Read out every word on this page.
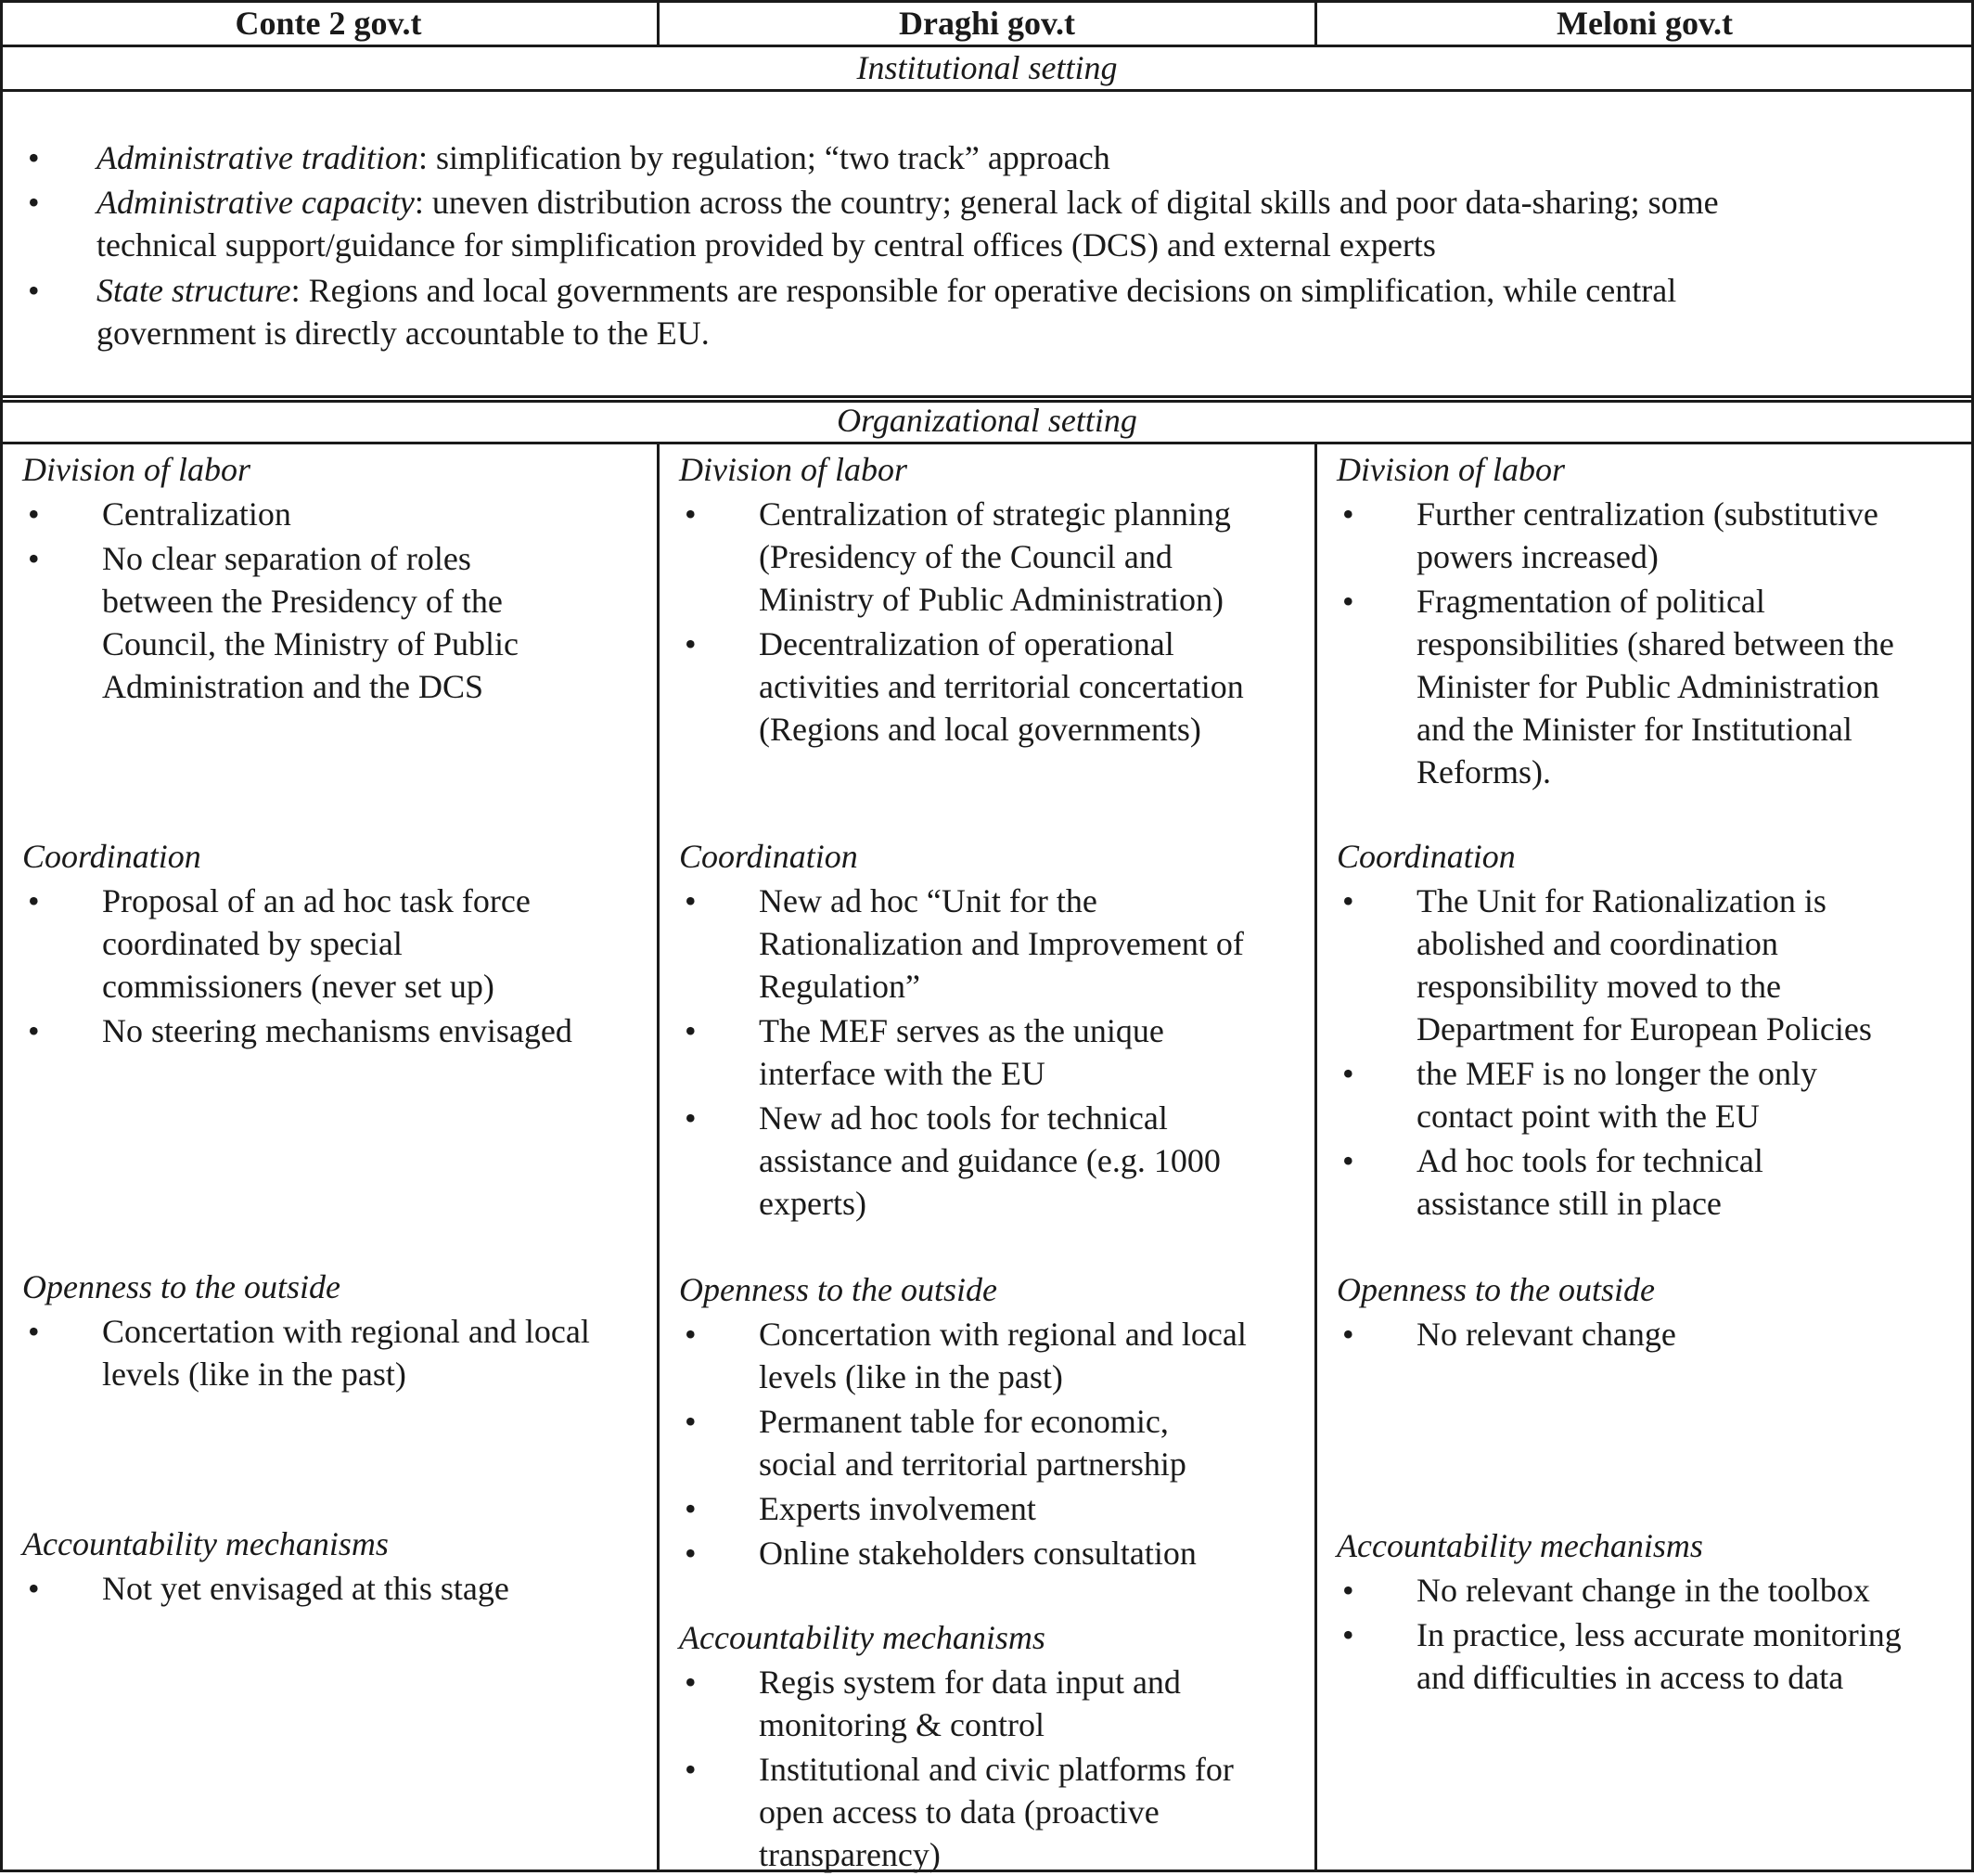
Conte 2 gov.t	Draghi gov.t	Meloni gov.t
Institutional setting
• Administrative tradition: simplification by regulation; “two track” approach
• Administrative capacity: uneven distribution across the country; general lack of digital skills and poor data-sharing; some
technical support/guidance for simplification provided by central offices (DCS) and external experts
• State structure: Regions and local governments are responsible for operative decisions on simplification, while central
government is directly accountable to the EU.
Organizational setting
Division of labor
• Centralization
• No clear separation of roles
between the Presidency of the
Council, the Ministry of Public
Administration and the DCS
Coordination
• Proposal of an ad hoc task force
coordinated by special
commissioners (never set up)
• No steering mechanisms envisaged
Openness to the outside
• Concertation with regional and local
levels (like in the past)
Accountability mechanisms
• Not yet envisaged at this stage
Division of labor
• Centralization of strategic planning
(Presidency of the Council and
Ministry of Public Administration)
• Decentralization of operational
activities and territorial concertation
(Regions and local governments)
Coordination
• New ad hoc “Unit for the
Rationalization and Improvement of
Regulation”
• The MEF serves as the unique
interface with the EU
• New ad hoc tools for technical
assistance and guidance (e.g. 1000
experts)
Openness to the outside
• Concertation with regional and local
levels (like in the past)
• Permanent table for economic,
social and territorial partnership
• Experts involvement
• Online stakeholders consultation
Accountability mechanisms
• Regis system for data input and
monitoring & control
• Institutional and civic platforms for
open access to data (proactive
transparency)
Division of labor
• Further centralization (substitutive
powers increased)
• Fragmentation of political
responsibilities (shared between the
Minister for Public Administration
and the Minister for Institutional
Reforms).
Coordination
• The Unit for Rationalization is
abolished and coordination
responsibility moved to the
Department for European Policies
• the MEF is no longer the only
contact point with the EU
• Ad hoc tools for technical
assistance still in place
Openness to the outside
• No relevant change
Accountability mechanisms
• No relevant change in the toolbox
• In practice, less accurate monitoring
and difficulties in access to data
